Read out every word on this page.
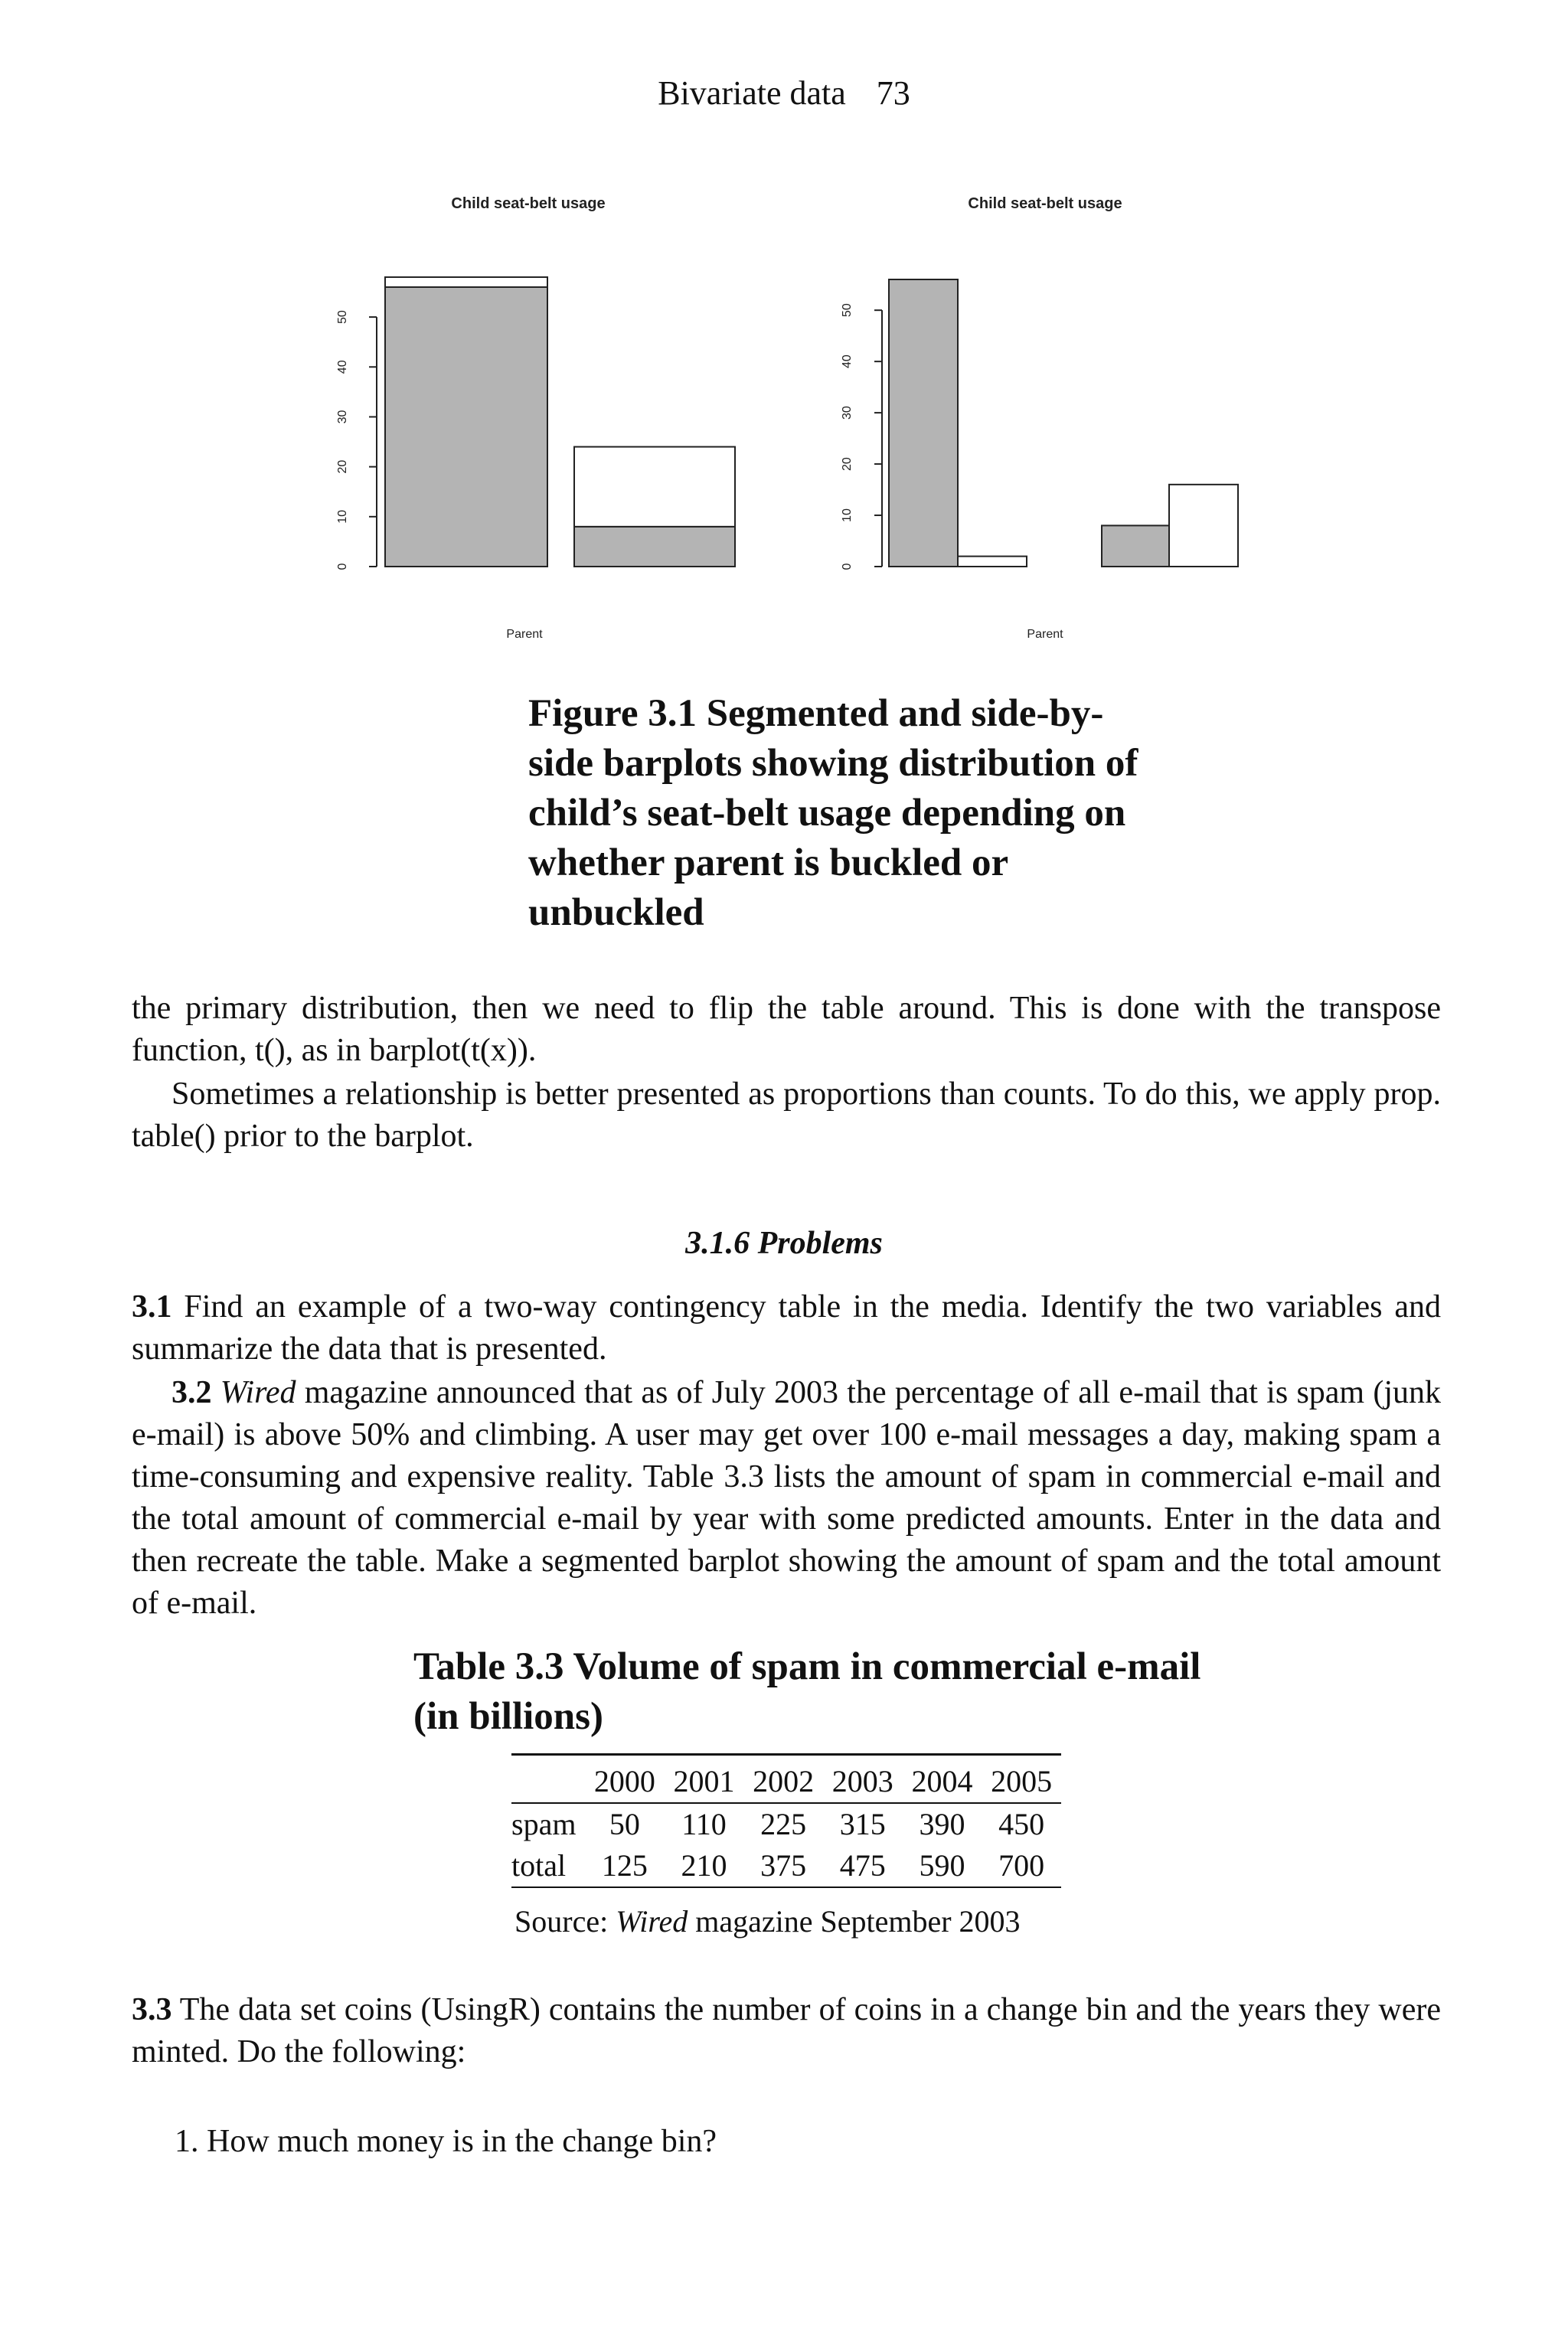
Bivariate data 73
Child seat-belt usage
0
10
20
30
40
50
Parent
Child seat-belt usage
0
10
20
30
40
50
Parent
Figure 3.1 Segmented and side-by-
side barplots showing distribution of
child’s seat-belt usage depending on
whether parent is buckled or
unbuckled
the primary distribution, then we need to flip the table around. This is done with the transpose function, t(), as in barplot(t(x)).
Sometimes a relationship is better presented as proportions than counts. To do this, we apply prop. table() prior to the barplot.
3.1.6 Problems
3.1 Find an example of a two-way contingency table in the media. Identify the two variables and summarize the data that is presented.
3.2 Wired magazine announced that as of July 2003 the percentage of all e-mail that is spam (junk e-mail) is above 50% and climbing. A user may get over 100 e-mail messages a day, making spam a time-consuming and expensive reality. Table 3.3 lists the amount of spam in commercial e-mail and the total amount of commercial e-mail by year with some predicted amounts. Enter in the data and then recreate the table. Make a segmented barplot showing the amount of spam and the total amount of e-mail.
Table 3.3 Volume of spam in commercial e-mail
(in billions)
	2000	2001	2002	2003	2004	2005
spam	50	110	225	315	390	450
total	125	210	375	475	590	700
Source: Wired magazine September 2003
3.3 The data set coins (UsingR) contains the number of coins in a change bin and the years they were minted. Do the following:
1. How much money is in the change bin?
